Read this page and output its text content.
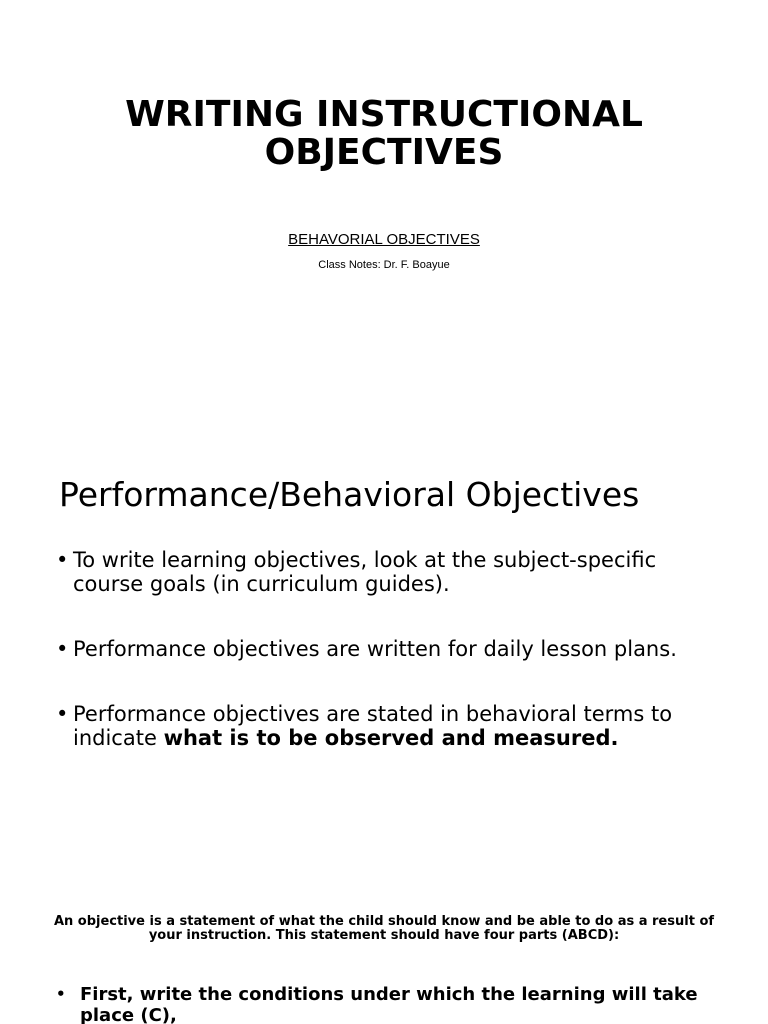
WRITING INSTRUCTIONAL
OBJECTIVES

BEHAVORIAL OBJECTIVES

Class Notes: Dr. F. Boayue

Performance/Behavioral Objectives
• To write learning objectives, look at the subject-specific course goals (in curriculum guides).
• Performance objectives are written for daily lesson plans.
• Performance objectives are stated in behavioral terms to indicate what is to be observed and measured.

An objective is a statement of what the child should know and be able to do as a result of your instruction. This statement should have four parts (ABCD):

• First, write the conditions under which the learning will take place (C),
